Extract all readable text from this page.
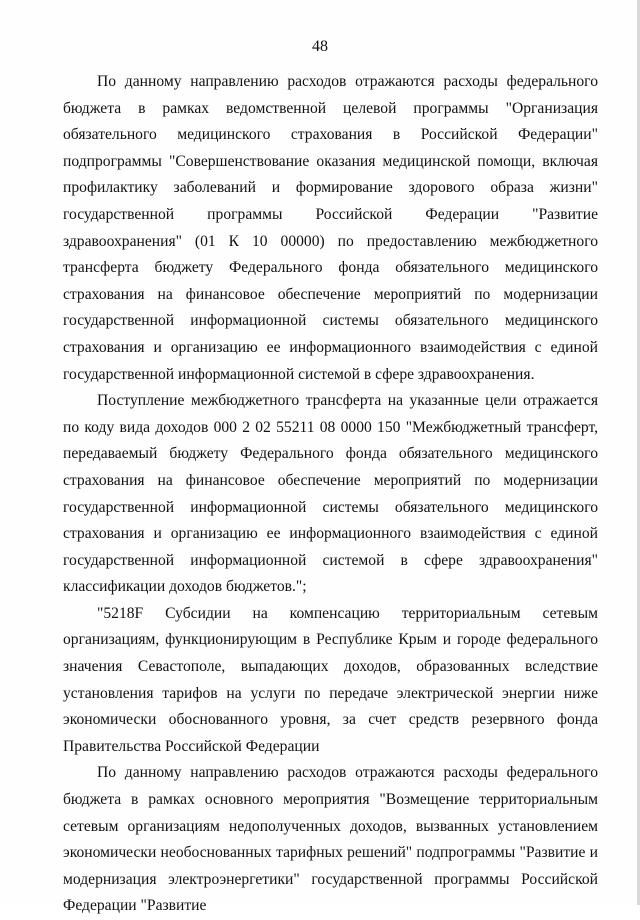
48

По данному направлению расходов отражаются расходы федерального бюджета в рамках ведомственной целевой программы "Организация обязательного медицинского страхования в Российской Федерации" подпрограммы "Совершенствование оказания медицинской помощи, включая профилактику заболеваний и формирование здорового образа жизни" государственной программы Российской Федерации "Развитие здравоохранения" (01 К 10 00000) по предоставлению межбюджетного трансферта бюджету Федерального фонда обязательного медицинского страхования на финансовое обеспечение мероприятий по модернизации государственной информационной системы обязательного медицинского страхования и организацию ее информационного взаимодействия с единой государственной информационной системой в сфере здравоохранения.

Поступление межбюджетного трансферта на указанные цели отражается по коду вида доходов 000 2 02 55211 08 0000 150 "Межбюджетный трансферт, передаваемый бюджету Федерального фонда обязательного медицинского страхования на финансовое обеспечение мероприятий по модернизации государственной информационной системы обязательного медицинского страхования и организацию ее информационного взаимодействия с единой государственной информационной системой в сфере здравоохранения" классификации доходов бюджетов.";

"5218F Субсидии на компенсацию территориальным сетевым организациям, функционирующим в Республике Крым и городе федерального значения Севастополе, выпадающих доходов, образованных вследствие установления тарифов на услуги по передаче электрической энергии ниже экономически обоснованного уровня, за счет средств резервного фонда Правительства Российской Федерации

По данному направлению расходов отражаются расходы федерального бюджета в рамках основного мероприятия "Возмещение территориальным сетевым организациям недополученных доходов, вызванных установлением экономически необоснованных тарифных решений" подпрограммы "Развитие и модернизация электроэнергетики" государственной программы Российской Федерации "Развитие
